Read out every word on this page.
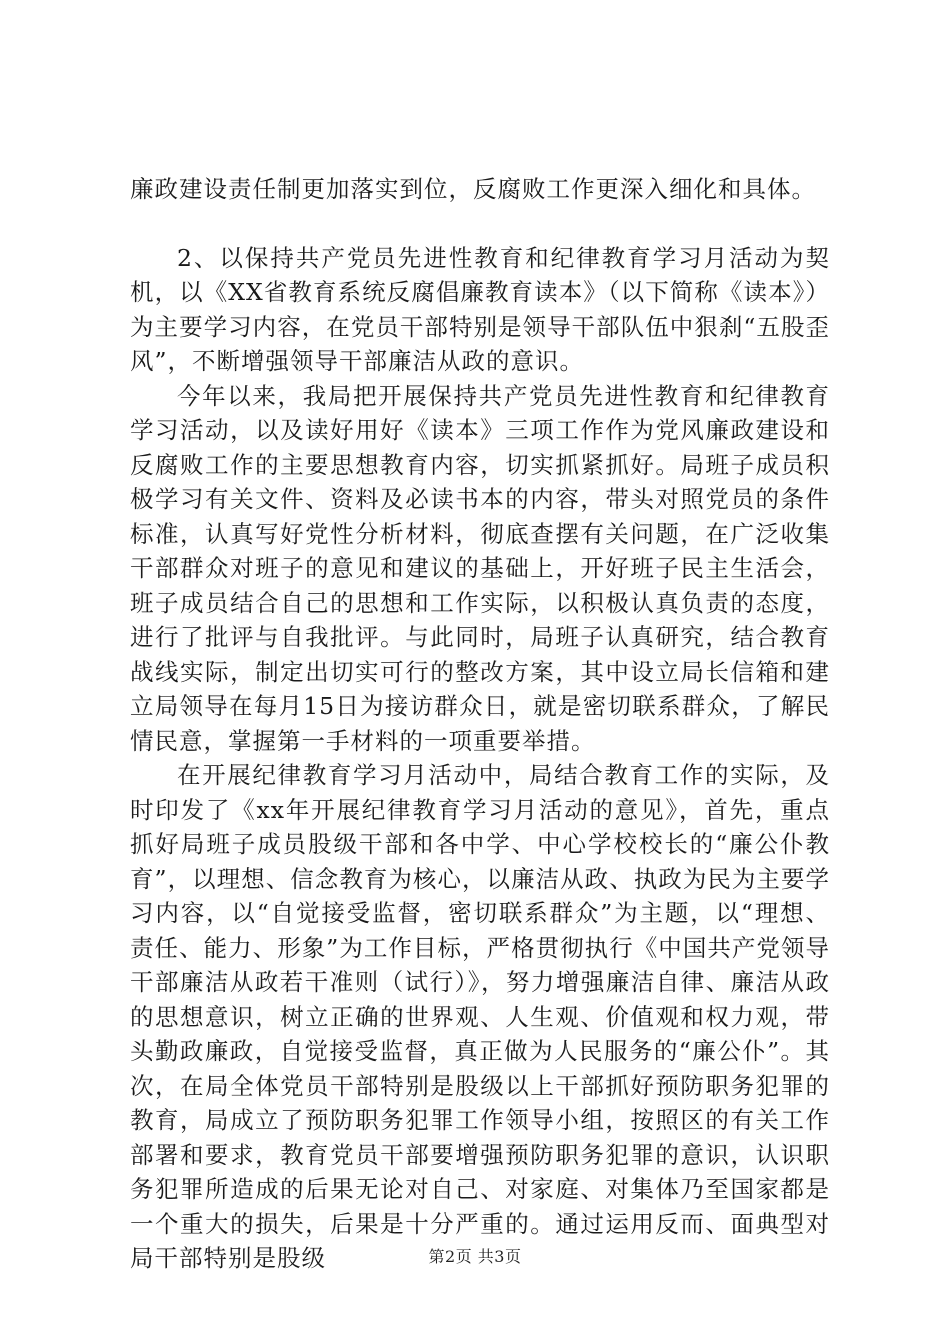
廉政建设责任制更加落实到位，反腐败工作更深入细化和具体。

2、以保持共产党员先进性教育和纪律教育学习月活动为契机，以《XX省教育系统反腐倡廉教育读本》（以下简称《读本》）为主要学习内容，在党员干部特别是领导干部队伍中狠刹“五股歪风”，不断增强领导干部廉洁从政的意识。

今年以来，我局把开展保持共产党员先进性教育和纪律教育学习活动，以及读好用好《读本》三项工作作为党风廉政建设和反腐败工作的主要思想教育内容，切实抓紧抓好。局班子成员积极学习有关文件、资料及必读书本的内容，带头对照党员的条件标准，认真写好党性分析材料，彻底查摆有关问题，在广泛收集干部群众对班子的意见和建议的基础上，开好班子民主生活会，班子成员结合自己的思想和工作实际，以积极认真负责的态度，进行了批评与自我批评。与此同时，局班子认真研究，结合教育战线实际，制定出切实可行的整改方案，其中设立局长信箱和建立局领导在每月15日为接访群众日，就是密切联系群众，了解民情民意，掌握第一手材料的一项重要举措。

在开展纪律教育学习月活动中，局结合教育工作的实际，及时印发了《xx年开展纪律教育学习月活动的意见》，首先，重点抓好局班子成员股级干部和各中学、中心学校校长的“廉公仆教育”，以理想、信念教育为核心，以廉洁从政、执政为民为主要学习内容，以“自觉接受监督，密切联系群众”为主题，以“理想、责任、能力、形象”为工作目标，严格贯彻执行《中国共产党领导干部廉洁从政若干准则（试行）》，努力增强廉洁自律、廉洁从政的思想意识，树立正确的世界观、人生观、价值观和权力观，带头勤政廉政，自觉接受监督，真正做为人民服务的“廉公仆”。其次，在局全体党员干部特别是股级以上干部抓好预防职务犯罪的教育，局成立了预防职务犯罪工作领导小组，按照区的有关工作部署和要求，教育党员干部要增强预防职务犯罪的意识，认识职务犯罪所造成的后果无论对自己、对家庭、对集体乃至国家都是一个重大的损失，后果是十分严重的。通过运用反而、面典型对局干部特别是股级	第2页 共3页
